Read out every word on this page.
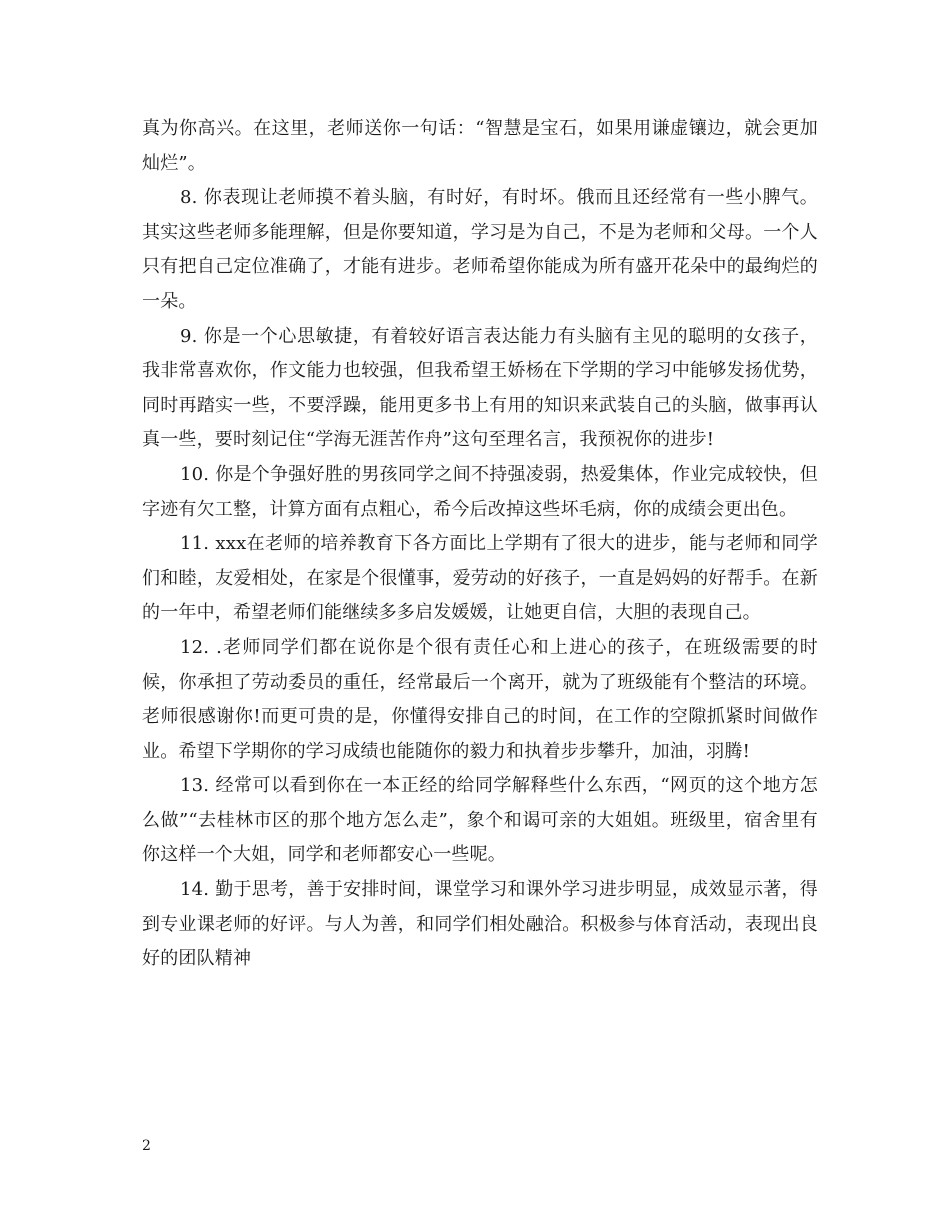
真为你高兴。在这里，老师送你一句话：“智慧是宝石，如果用谦虚镶边，就会更加灿烂”。

8. 你表现让老师摸不着头脑，有时好，有时坏。俄而且还经常有一些小脾气。其实这些老师多能理解，但是你要知道，学习是为自己，不是为老师和父母。一个人只有把自己定位准确了，才能有进步。老师希望你能成为所有盛开花朵中的最绚烂的一朵。

9. 你是一个心思敏捷，有着较好语言表达能力有头脑有主见的聪明的女孩子，我非常喜欢你，作文能力也较强，但我希望王娇杨在下学期的学习中能够发扬优势，同时再踏实一些，不要浮躁，能用更多书上有用的知识来武装自己的头脑，做事再认真一些，要时刻记住“学海无涯苦作舟”这句至理名言，我预祝你的进步!

10. 你是个争强好胜的男孩同学之间不持强凌弱，热爱集体，作业完成较快，但字迹有欠工整，计算方面有点粗心，希今后改掉这些坏毛病，你的成绩会更出色。

11. xxx在老师的培养教育下各方面比上学期有了很大的进步，能与老师和同学们和睦，友爱相处，在家是个很懂事，爱劳动的好孩子，一直是妈妈的好帮手。在新的一年中，希望老师们能继续多多启发媛媛，让她更自信，大胆的表现自己。

12. .老师同学们都在说你是个很有责任心和上进心的孩子，在班级需要的时候，你承担了劳动委员的重任，经常最后一个离开，就为了班级能有个整洁的环境。老师很感谢你!而更可贵的是，你懂得安排自己的时间，在工作的空隙抓紧时间做作业。希望下学期你的学习成绩也能随你的毅力和执着步步攀升，加油，羽腾!

13. 经常可以看到你在一本正经的给同学解释些什么东西，“网页的这个地方怎么做”“去桂林市区的那个地方怎么走”，象个和谒可亲的大姐姐。班级里，宿舍里有你这样一个大姐，同学和老师都安心一些呢。

14. 勤于思考，善于安排时间，课堂学习和课外学习进步明显，成效显示著，得到专业课老师的好评。与人为善，和同学们相处融洽。积极参与体育活动，表现出良好的团队精神

2
